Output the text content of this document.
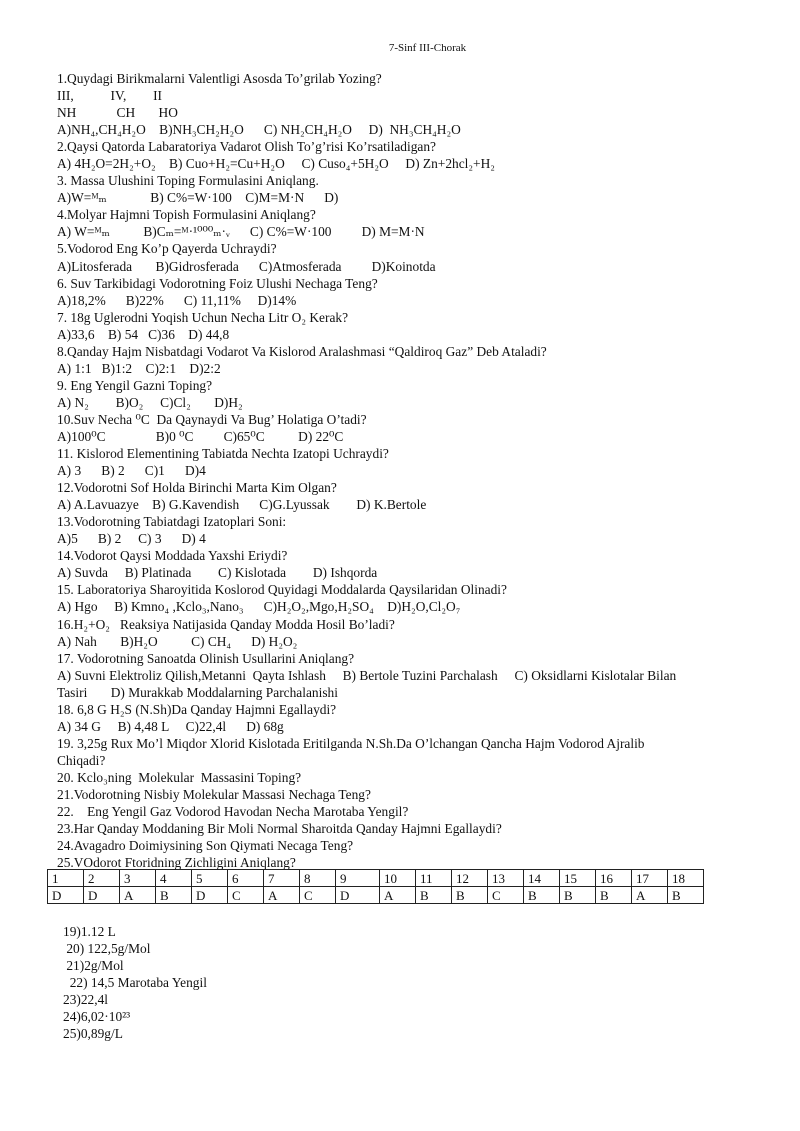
7-Sinf III-Chorak
1.Quydagi Birikmalarni Valentligi Asosda To’grilab Yozing?
III,           IV,        II
NH            CH       HO
A)NH₄,CH₄H₂O    B)NH₃CH₂H₂O      C) NH₂CH₄H₂O     D)  NH₃CH₄H₂O
2.Qaysi Qatorda Labaratoriya Vadarot Olish To’g’risi Ko’rsatiladigan?
A) 4H₂O=2H₂+O₂    B) Cuo+H₂=Cu+H₂O     C) Cuso₄+5H₂O     D) Zn+2hcl₂+H₂
3. Massa Ulushini Toping Formulasini Aniqlang.
A)W=ᴹₘ             B) C%=W·100    C)M=M·N      D)
4.Molyar Hajmni Topish Formulasini Aniqlang?
A) W=ᴹₘ          B)Cₘ=ᴹ·¹⁰⁰⁰ₘ·ᵥ      C) C%=W·100         D) M=M·N
5.Vodorod Eng Ko’p Qayerda Uchraydi?
A)Litosferada       B)Gidrosferada      C)Atmosferada         D)Koinotda
6. Suv Tarkibidagi Vodorotning Foiz Ulushi Nechaga Teng?
A)18,2%      B)22%      C) 11,11%     D)14%
7. 18g Uglerodni Yoqish Uchun Necha Litr O₂ Kerak?
A)33,6    B) 54   C)36    D) 44,8
8.Qanday Hajm Nisbatdagi Vodarot Va Kislorod Aralashmasi “Qaldiroq Gaz” Deb Ataladi?
A) 1:1   B)1:2    C)2:1    D)2:2
9. Eng Yengil Gazni Toping?
A) N₂        B)O₂     C)Cl₂       D)H₂
10.Suv Necha ⁰C  Da Qaynaydi Va Bug’ Holatiga O’tadi?
A)100⁰C               B)0 ⁰C         C)65⁰C          D) 22⁰C
11. Kislorod Elementining Tabiatda Nechta Izatopi Uchraydi?
A) 3      B) 2      C)1      D)4
12.Vodorotni Sof Holda Birinchi Marta Kim Olgan?
A) A.Lavuazye    B) G.Kavendish      C)G.Lyussak        D) K.Bertole
13.Vodorotning Tabiatdagi Izatoplari Soni:
A)5      B) 2     C) 3      D) 4
14.Vodorot Qaysi Moddada Yaxshi Eriydi?
A) Suvda     B) Platinada        C) Kislotada        D) Ishqorda
15. Laboratoriya Sharoyitida Koslorod Quyidagi Moddalarda Qaysilaridan Olinadi?
A) Hgo     B) Kmno₄ ,Kclo₃,Nano₃      C)H₂O₂,Mgo,H₂SO₄    D)H₂O,Cl₂O₇
16.H₂+O₂   Reaksiya Natijasida Qanday Modda Hosil Bo’ladi?
A) Nah       B)H₂O          C) CH₄      D) H₂O₂
17. Vodorotning Sanoatda Olinish Usullarini Aniqlang?
A) Suvni Elektroliz Qilish,Metanni  Qayta Ishlash     B) Bertole Tuzini Parchalash     C) Oksidlarni Kislotalar Bilan
Tasiri       D) Murakkab Moddalarning Parchalanishi
18. 6,8 G H₂S (N.Sh)Da Qanday Hajmni Egallaydi?
A) 34 G     B) 4,48 L     C)22,4l      D) 68g
19. 3,25g Rux Mo’l Miqdor Xlorid Kislotada Eritilganda N.Sh.Da O’lchangan Qancha Hajm Vodorod Ajralib
Chiqadi?
20. Kclo₃ning  Molekular  Massasini Toping?
21.Vodorotning Nisbiy Molekular Massasi Nechaga Teng?
22.    Eng Yengil Gaz Vodorod Havodan Necha Marotaba Yengil?
23.Har Qanday Moddaning Bir Moli Normal Sharoitda Qanday Hajmni Egallaydi?
24.Avagadro Doimiysining Son Qiymati Necaga Teng?
25.VOdorot Ftoridning Zichligini Aniqlang?
1	2	3	4	5	6	7	8	9	10	11	12	13	14	15	16	17	18
D	D	A	B	D	C	A	C	D	A	B	B	C	B	B	B	A	B
19)1.12 L
20) 122,5g/Mol
21)2g/Mol
22) 14,5 Marotaba Yengil
23)22,4l
24)6,02·10²³
25)0,89g/L
